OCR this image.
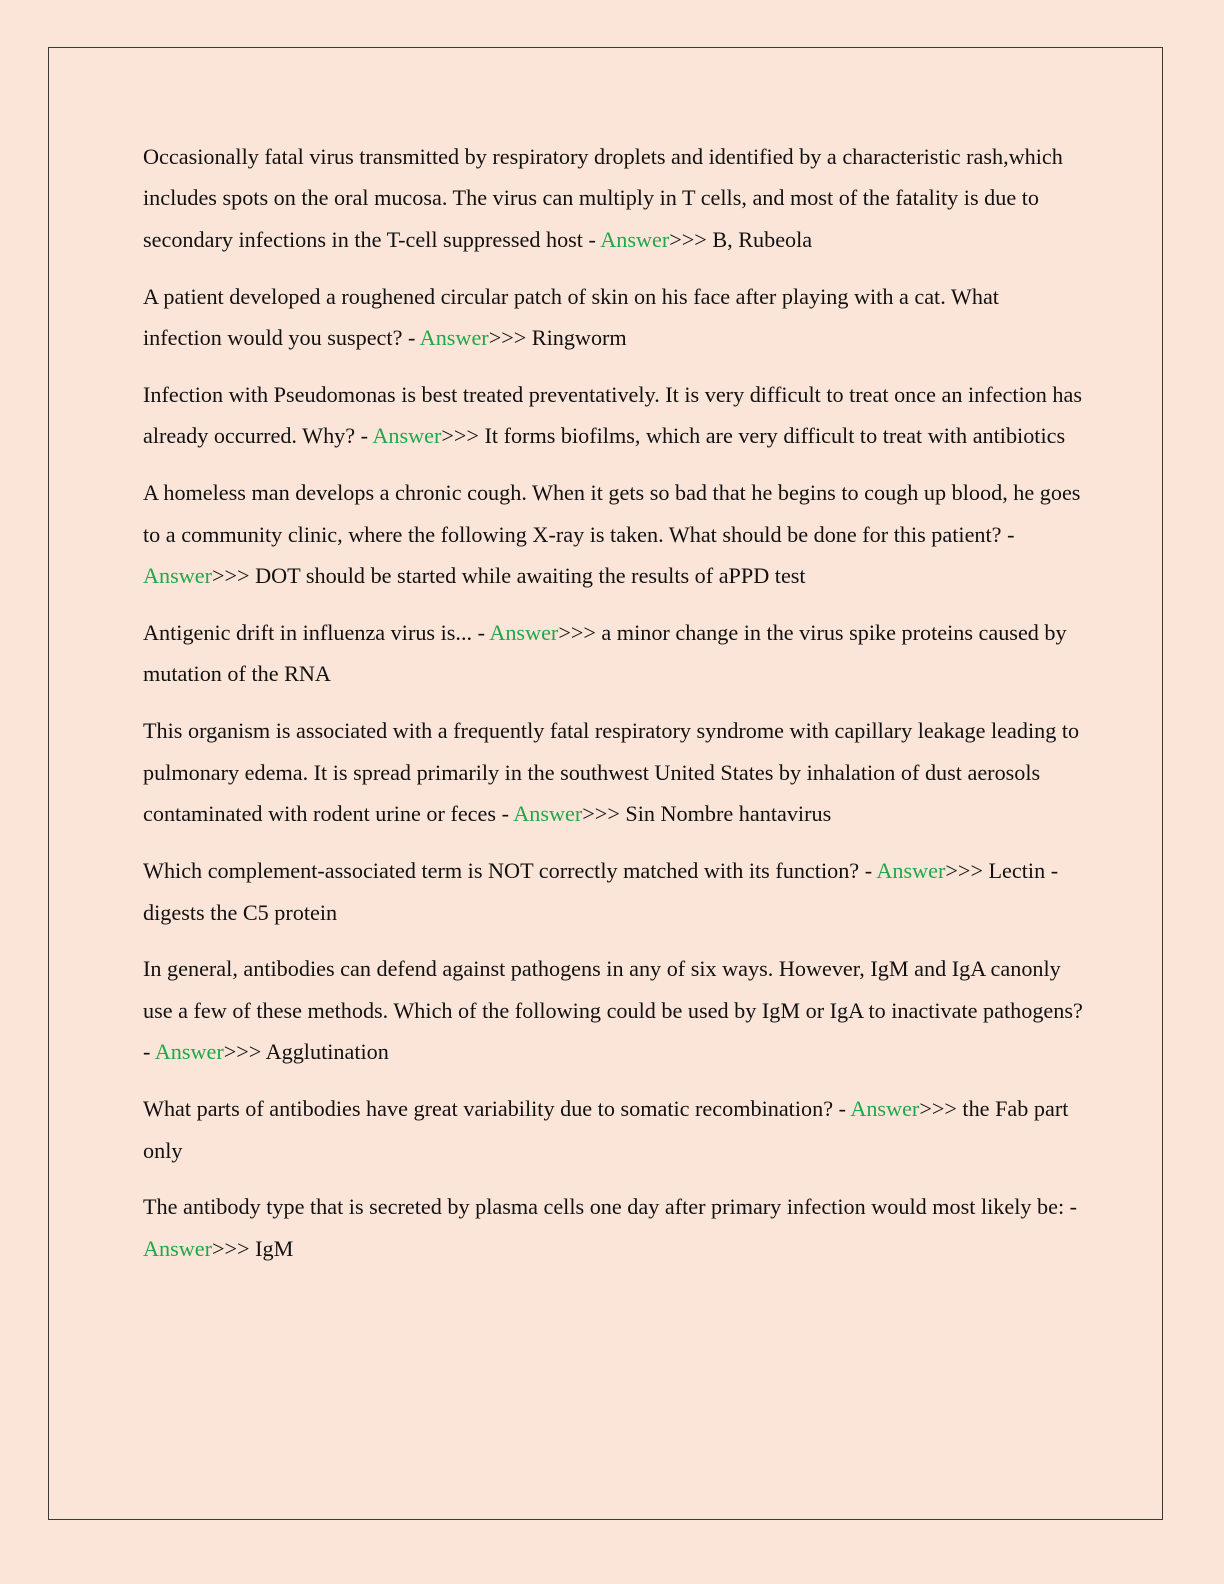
Occasionally fatal virus transmitted by respiratory droplets and identified by a characteristic rash,which includes spots on the oral mucosa. The virus can multiply in T cells, and most of the fatality is due to secondary infections in the T-cell suppressed host - Answer>>> B, Rubeola

A patient developed a roughened circular patch of skin on his face after playing with a cat. What infection would you suspect? - Answer>>> Ringworm

Infection with Pseudomonas is best treated preventatively. It is very difficult to treat once an infection has already occurred. Why? - Answer>>> It forms biofilms, which are very difficult to treat with antibiotics

A homeless man develops a chronic cough. When it gets so bad that he begins to cough up blood, he goes to a community clinic, where the following X-ray is taken. What should be done for this patient? - Answer>>> DOT should be started while awaiting the results of aPPD test

Antigenic drift in influenza virus is... - Answer>>> a minor change in the virus spike proteins caused by mutation of the RNA

This organism is associated with a frequently fatal respiratory syndrome with capillary leakage leading to pulmonary edema. It is spread primarily in the southwest United States by inhalation of dust aerosols contaminated with rodent urine or feces - Answer>>> Sin Nombre hantavirus

Which complement-associated term is NOT correctly matched with its function? - Answer>>> Lectin - digests the C5 protein

In general, antibodies can defend against pathogens in any of six ways. However, IgM and IgA canonly use a few of these methods. Which of the following could be used by IgM or IgA to inactivate pathogens? - Answer>>> Agglutination

What parts of antibodies have great variability due to somatic recombination? - Answer>>> the Fab part only

The antibody type that is secreted by plasma cells one day after primary infection would most likely be: - Answer>>> IgM
